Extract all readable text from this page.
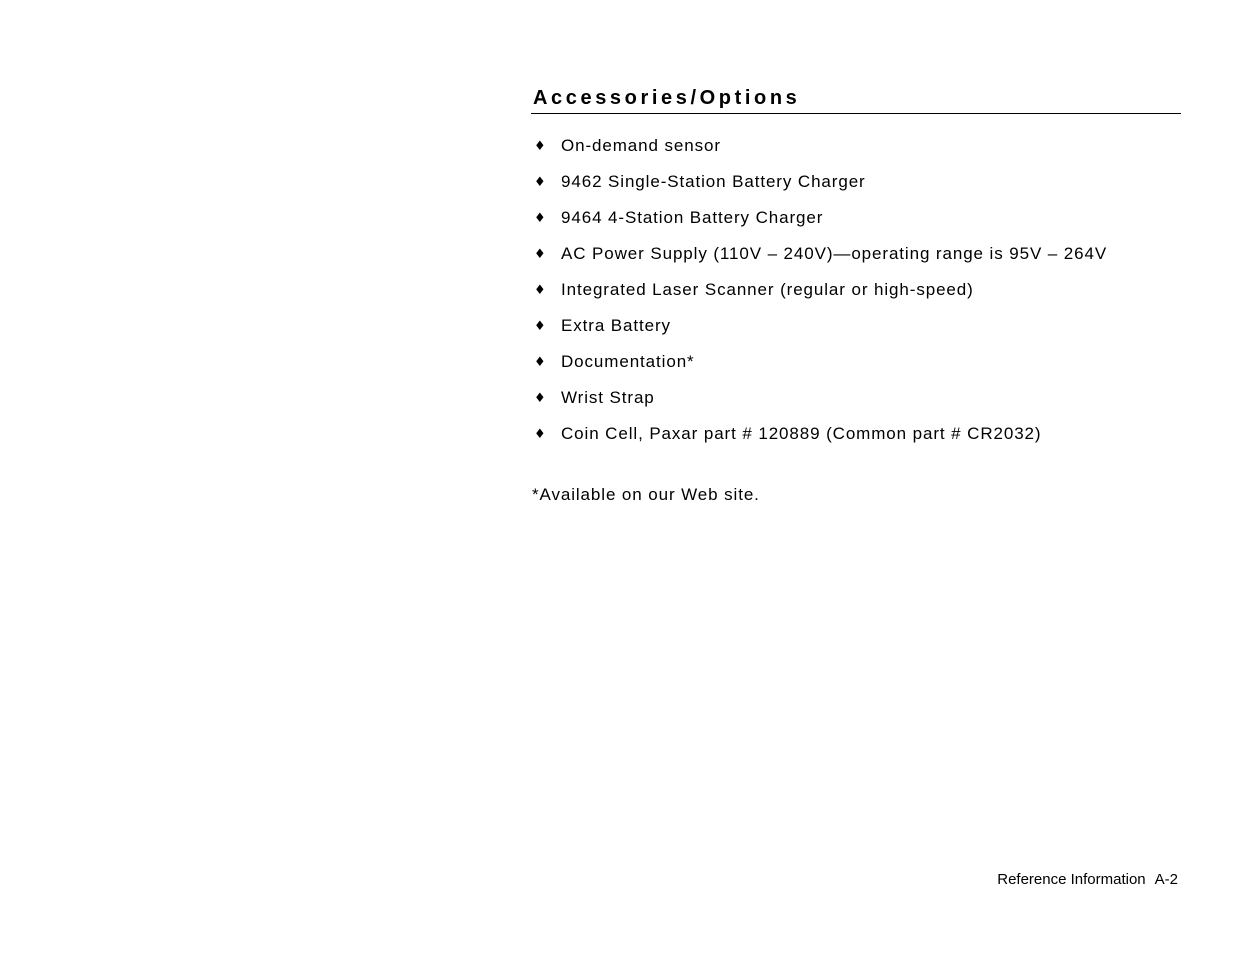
Accessories/Options
♦ On-demand sensor
♦ 9462 Single-Station Battery Charger
♦ 9464 4-Station Battery Charger
♦ AC Power Supply (110V – 240V)—operating range is 95V – 264V
♦ Integrated Laser Scanner (regular or high-speed)
♦ Extra Battery
♦ Documentation*
♦ Wrist Strap
♦ Coin Cell, Paxar part # 120889 (Common part # CR2032)

*Available on our Web site.

Reference Information A-2
